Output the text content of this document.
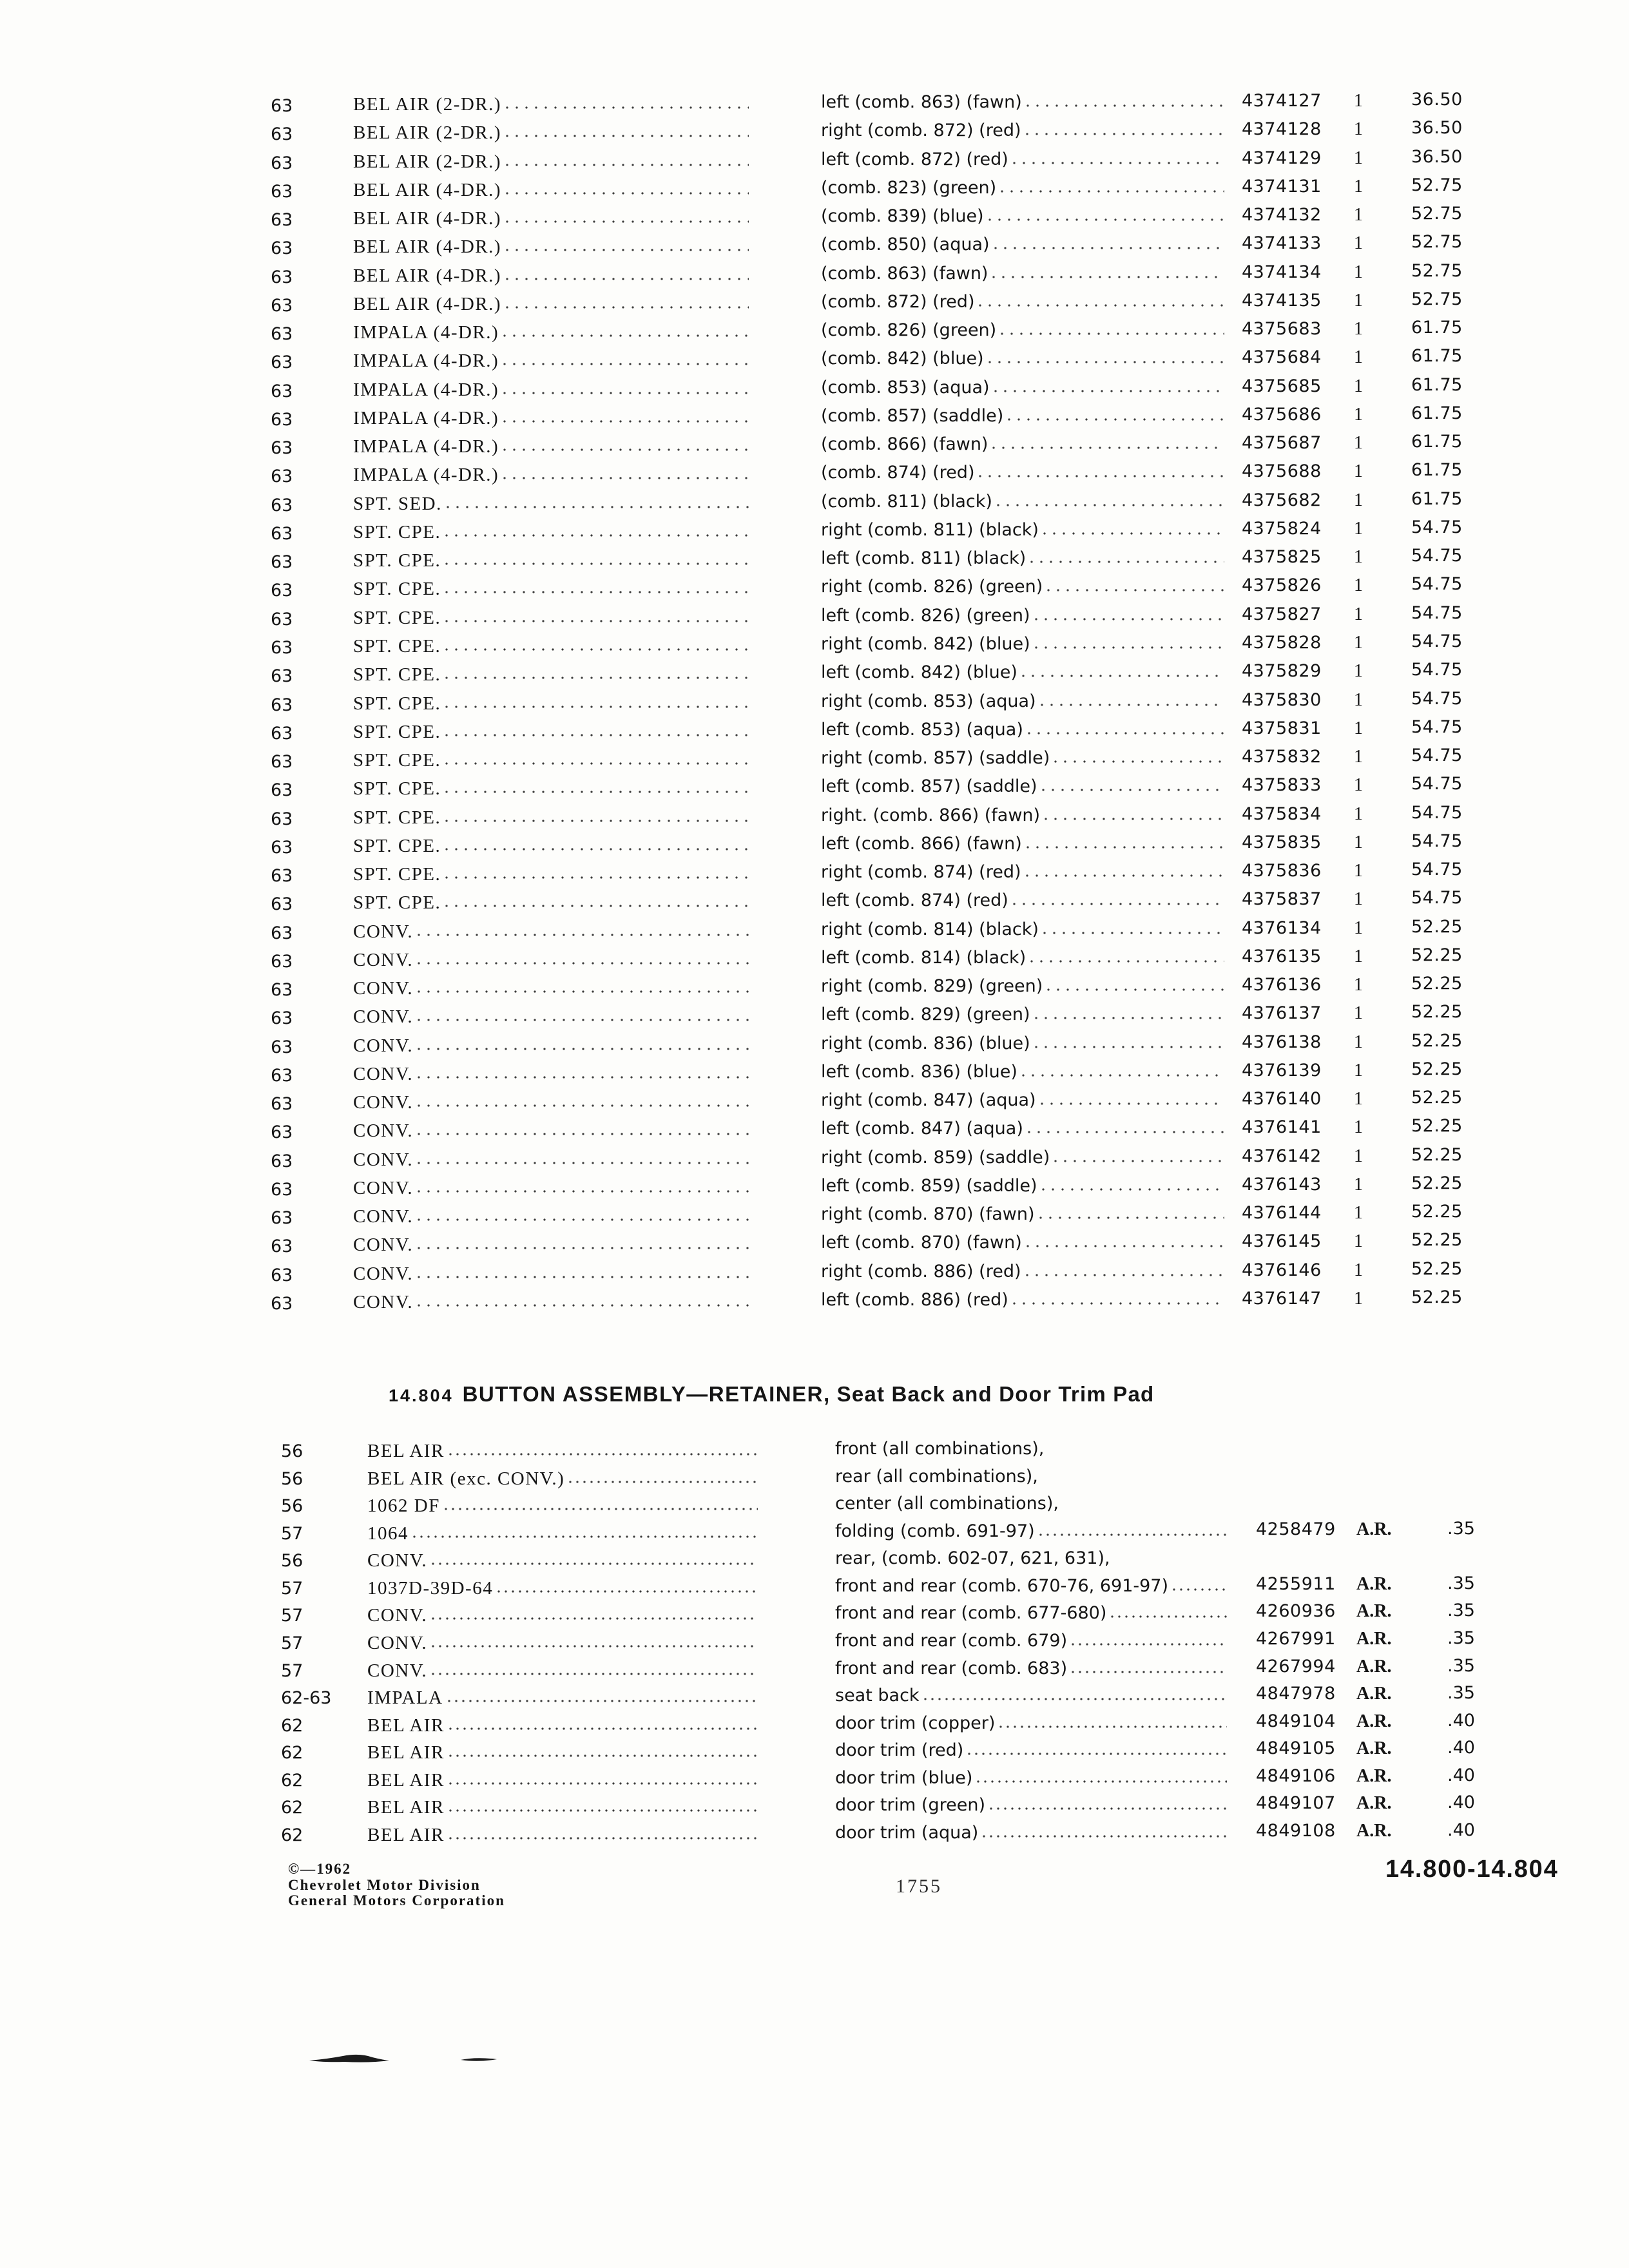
63	BEL AIR (2-DR.)	left (comb. 863) (fawn)	4374127 1	36.50
63	BEL AIR (2-DR.)	right (comb. 872) (red)	4374128 1	36.50
63	BEL AIR (2-DR.)	left (comb. 872) (red)	4374129 1	36.50
63	BEL AIR (4-DR.)	(comb. 823) (green)	4374131 1	52.75
63	BEL AIR (4-DR.)	(comb. 839) (blue)	4374132 1	52.75
63	BEL AIR (4-DR.)	(comb. 850) (aqua)	4374133 1	52.75
63	BEL AIR (4-DR.)	(comb. 863) (fawn)	4374134 1	52.75
63	BEL AIR (4-DR.)	(comb. 872) (red)	4374135 1	52.75
63	IMPALA (4-DR.)	(comb. 826) (green)	4375683 1	61.75
63	IMPALA (4-DR.)	(comb. 842) (blue)	4375684 1	61.75
63	IMPALA (4-DR.)	(comb. 853) (aqua)	4375685 1	61.75
63	IMPALA (4-DR.)	(comb. 857) (saddle)	4375686 1	61.75
63	IMPALA (4-DR.)	(comb. 866) (fawn)	4375687 1	61.75
63	IMPALA (4-DR.)	(comb. 874) (red)	4375688 1	61.75
63	SPT. SED.	(comb. 811) (black)	4375682 1	61.75
63	SPT. CPE.	right (comb. 811) (black)	4375824 1	54.75
63	SPT. CPE.	left (comb. 811) (black)	4375825 1	54.75
63	SPT. CPE.	right (comb. 826) (green)	4375826 1	54.75
63	SPT. CPE.	left (comb. 826) (green)	4375827 1	54.75
63	SPT. CPE.	right (comb. 842) (blue)	4375828 1	54.75
63	SPT. CPE.	left (comb. 842) (blue)	4375829 1	54.75
63	SPT. CPE.	right (comb. 853) (aqua)	4375830 1	54.75
63	SPT. CPE.	left (comb. 853) (aqua)	4375831 1	54.75
63	SPT. CPE.	right (comb. 857) (saddle)	4375832 1	54.75
63	SPT. CPE.	left (comb. 857) (saddle)	4375833 1	54.75
63	SPT. CPE.	right. (comb. 866) (fawn)	4375834 1	54.75
63	SPT. CPE.	left (comb. 866) (fawn)	4375835 1	54.75
63	SPT. CPE.	right (comb. 874) (red)	4375836 1	54.75
63	SPT. CPE.	left (comb. 874) (red)	4375837 1	54.75
63	CONV.	right (comb. 814) (black)	4376134 1	52.25
63	CONV.	left (comb. 814) (black)	4376135 1	52.25
63	CONV.	right (comb. 829) (green)	4376136 1	52.25
63	CONV.	left (comb. 829) (green)	4376137 1	52.25
63	CONV.	right (comb. 836) (blue)	4376138 1	52.25
63	CONV.	left (comb. 836) (blue)	4376139 1	52.25
63	CONV.	right (comb. 847) (aqua)	4376140 1	52.25
63	CONV.	left (comb. 847) (aqua)	4376141 1	52.25
63	CONV.	right (comb. 859) (saddle)	4376142 1	52.25
63	CONV.	left (comb. 859) (saddle)	4376143 1	52.25
63	CONV.	right (comb. 870) (fawn)	4376144 1	52.25
63	CONV.	left (comb. 870) (fawn)	4376145 1	52.25
63	CONV.	right (comb. 886) (red)	4376146 1	52.25
63	CONV.	left (comb. 886) (red)	4376147 1	52.25
14.804 BUTTON ASSEMBLY—RETAINER, Seat Back and Door Trim Pad
56	BEL AIR	front (all combinations),
56	BEL AIR (exc. CONV.)	rear (all combinations),
56	1062 DF	center (all combinations),
57	1064	folding (comb. 691-97)	4258479 A.R.	.35
56	CONV.	rear, (comb. 602-07, 621, 631),
57	1037D-39D-64	front and rear (comb. 670-76, 691-97)	4255911 A.R.	.35
57	CONV.	front and rear (comb. 677-680)	4260936 A.R.	.35
57	CONV.	front and rear (comb. 679)	4267991 A.R.	.35
57	CONV.	front and rear (comb. 683)	4267994 A.R.	.35
62-63 IMPALA	seat back	4847978 A.R.	.35
62	BEL AIR	door trim (copper)	4849104 A.R.	.40
62	BEL AIR	door trim (red)	4849105 A.R.	.40
62	BEL AIR	door trim (blue)	4849106 A.R.	.40
62	BEL AIR	door trim (green)	4849107 A.R.	.40
62	BEL AIR	door trim (aqua)	4849108 A.R.	.40
©—1962
Chevrolet Motor Division
General Motors Corporation
1755
14.800-14.804
